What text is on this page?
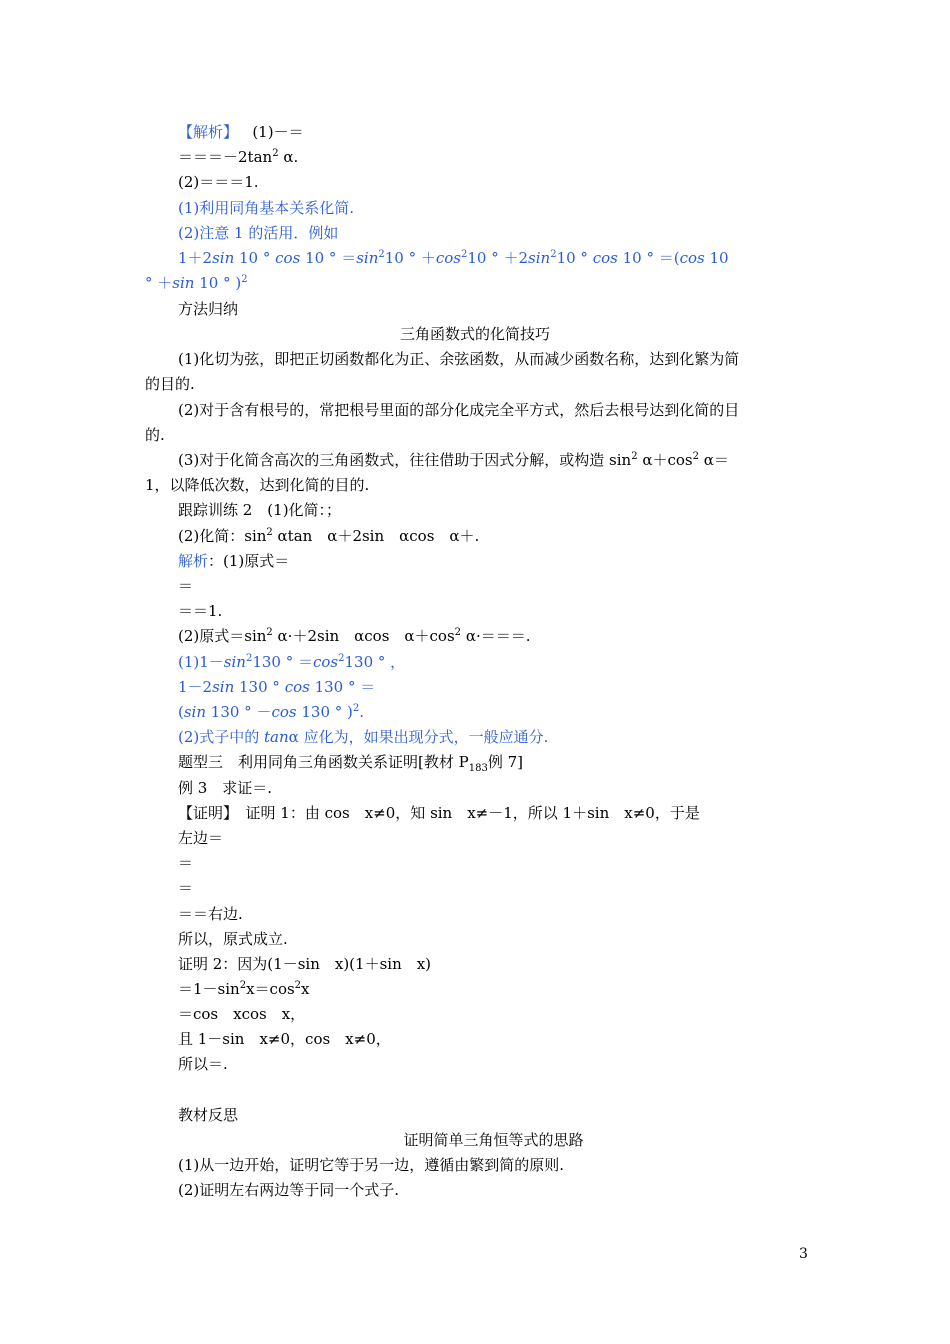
【解析】 (1)－＝
$===-2\tan^2$ α.
(2)＝＝＝1.
(1)利用同角基本关系化简.
(2)注意 1 的活用．例如
1＋2sin 10 ° cos 10 ° $=\sin^210$ ° $+\cos^210$ ° $+2\sin^210$ ° cos 10 ° ＝(cos 10
° ＋sin 10 ° )$^2$
方法归纳
三角函数式的化简技巧
(1)化切为弦，即把正切函数都化为正、余弦函数，从而减少函数名称，达到化繁为简
的目的.
(2)对于含有根号的，常把根号里面的部分化成完全平方式，然后去根号达到化简的目
的.
(3)对于化简含高次的三角函数式，往往借助于因式分解，或构造 $\sin^2 \alpha+\cos^2$ α＝
1，以降低次数，达到化简的目的.
跟踪训练 2　(1)化简：；
(2)化简：$\sin^2 \alpha\tan$　α＋2sin　αcos　α＋.
解析：(1)原式＝
＝
＝＝1.
(2)原式$=\sin^2$ α·＋2sin　αcos　$\alpha+\cos^2$ α·＝＝＝.
$(1)1-\sin^2130$ ° $=\cos^2130$ ° ，
1－2sin 130 ° cos 130 ° ＝
(sin 130 ° －cos 130 ° )$^2$.
(2)式子中的 tanα 应化为，如果出现分式，一般应通分.
题型三　利用同角三角函数关系证明[教材 $P_{183}$例 7]
例 3　求证＝.
【证明】　证明 1：由 cos　x≠0，知 sin　x≠－1，所以 1＋sin　x≠0，于是
左边＝
＝
＝
＝＝右边.
所以，原式成立.
证明 2：因为(1－sin　x)(1＋sin　x)
$=1-\sin^2x=\cos^2x$
＝cos　xcos　x，
且 1－sin　x≠0，cos　x≠0，
所以＝.
教材反思
证明简单三角恒等式的思路
(1)从一边开始，证明它等于另一边，遵循由繁到简的原则.
(2)证明左右两边等于同一个式子.
3
